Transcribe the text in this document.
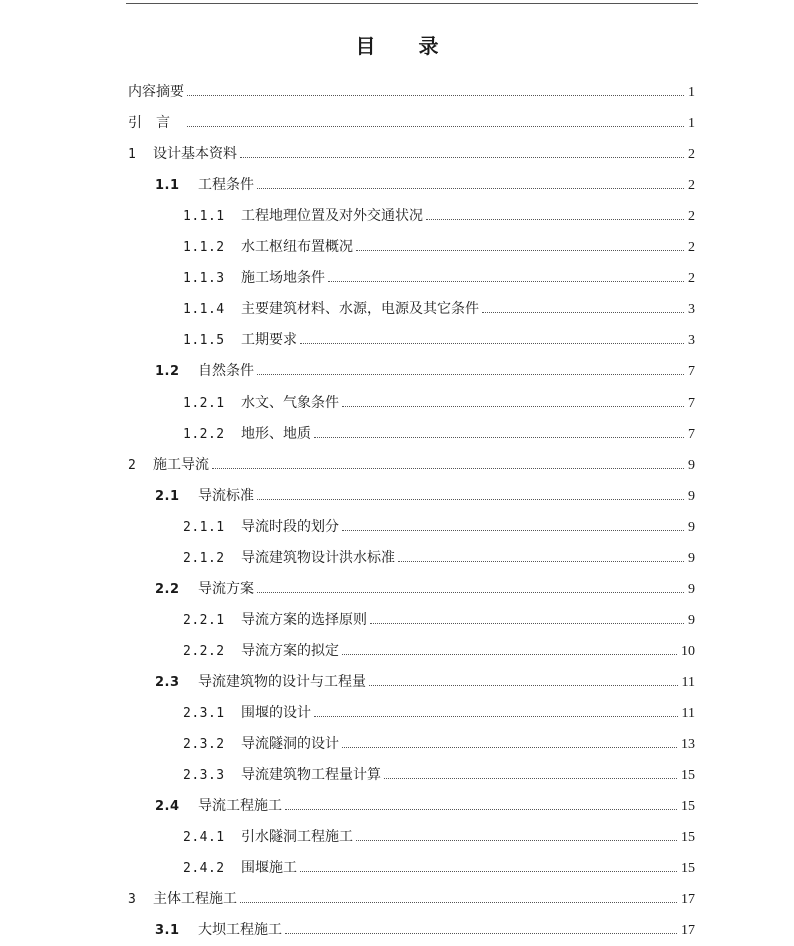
目 录
内容摘要	1
引言	1
1	设计基本资料	2
1.1	工程条件	2
1.1.1	工程地理位置及对外交通状况	2
1.1.2	水工枢纽布置概况	2
1.1.3	施工场地条件	2
1.1.4	主要建筑材料、水源，电源及其它条件	3
1.1.5	工期要求	3
1.2	自然条件	7
1.2.1	水文、气象条件	7
1.2.2	地形、地质	7
2	施工导流	9
2.1	导流标准	9
2.1.1	导流时段的划分	9
2.1.2	导流建筑物设计洪水标准	9
2.2	导流方案	9
2.2.1	导流方案的选择原则	9
2.2.2	导流方案的拟定	10
2.3	导流建筑物的设计与工程量	11
2.3.1	围堰的设计	11
2.3.2	导流隧洞的设计	13
2.3.3	导流建筑物工程量计算	15
2.4	导流工程施工	15
2.4.1	引水隧洞工程施工	15
2.4.2	围堰施工	15
3	主体工程施工	17
3.1	大坝工程施工	17
